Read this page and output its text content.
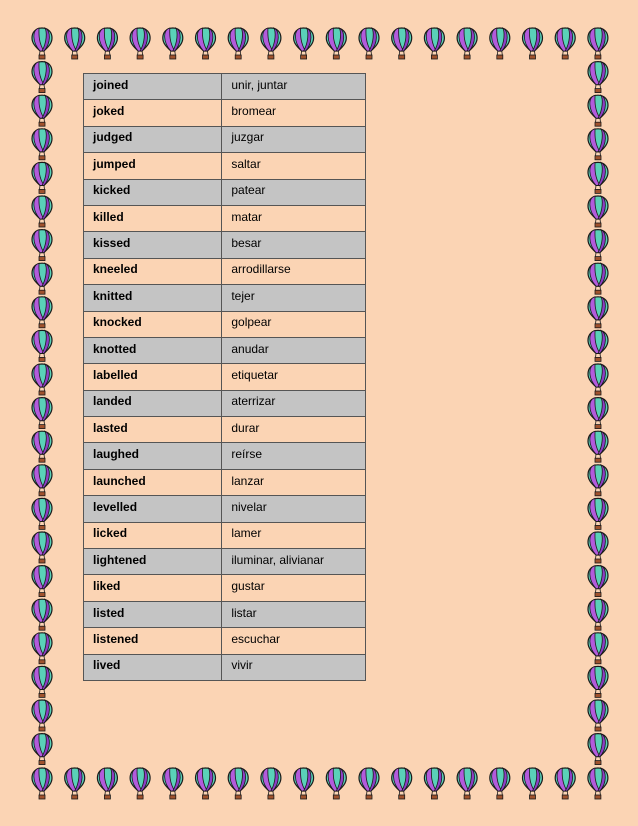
joined	unir, juntar
joked	bromear
judged	juzgar
jumped	saltar
kicked	patear
killed	matar
kissed	besar
kneeled	arrodillarse
knitted	tejer
knocked	golpear
knotted	anudar
labelled	etiquetar
landed	aterrizar
lasted	durar
laughed	reírse
launched	lanzar
levelled	nivelar
licked	lamer
lightened	iluminar, alivianar
liked	gustar
listed	listar
listened	escuchar
lived	vivir
